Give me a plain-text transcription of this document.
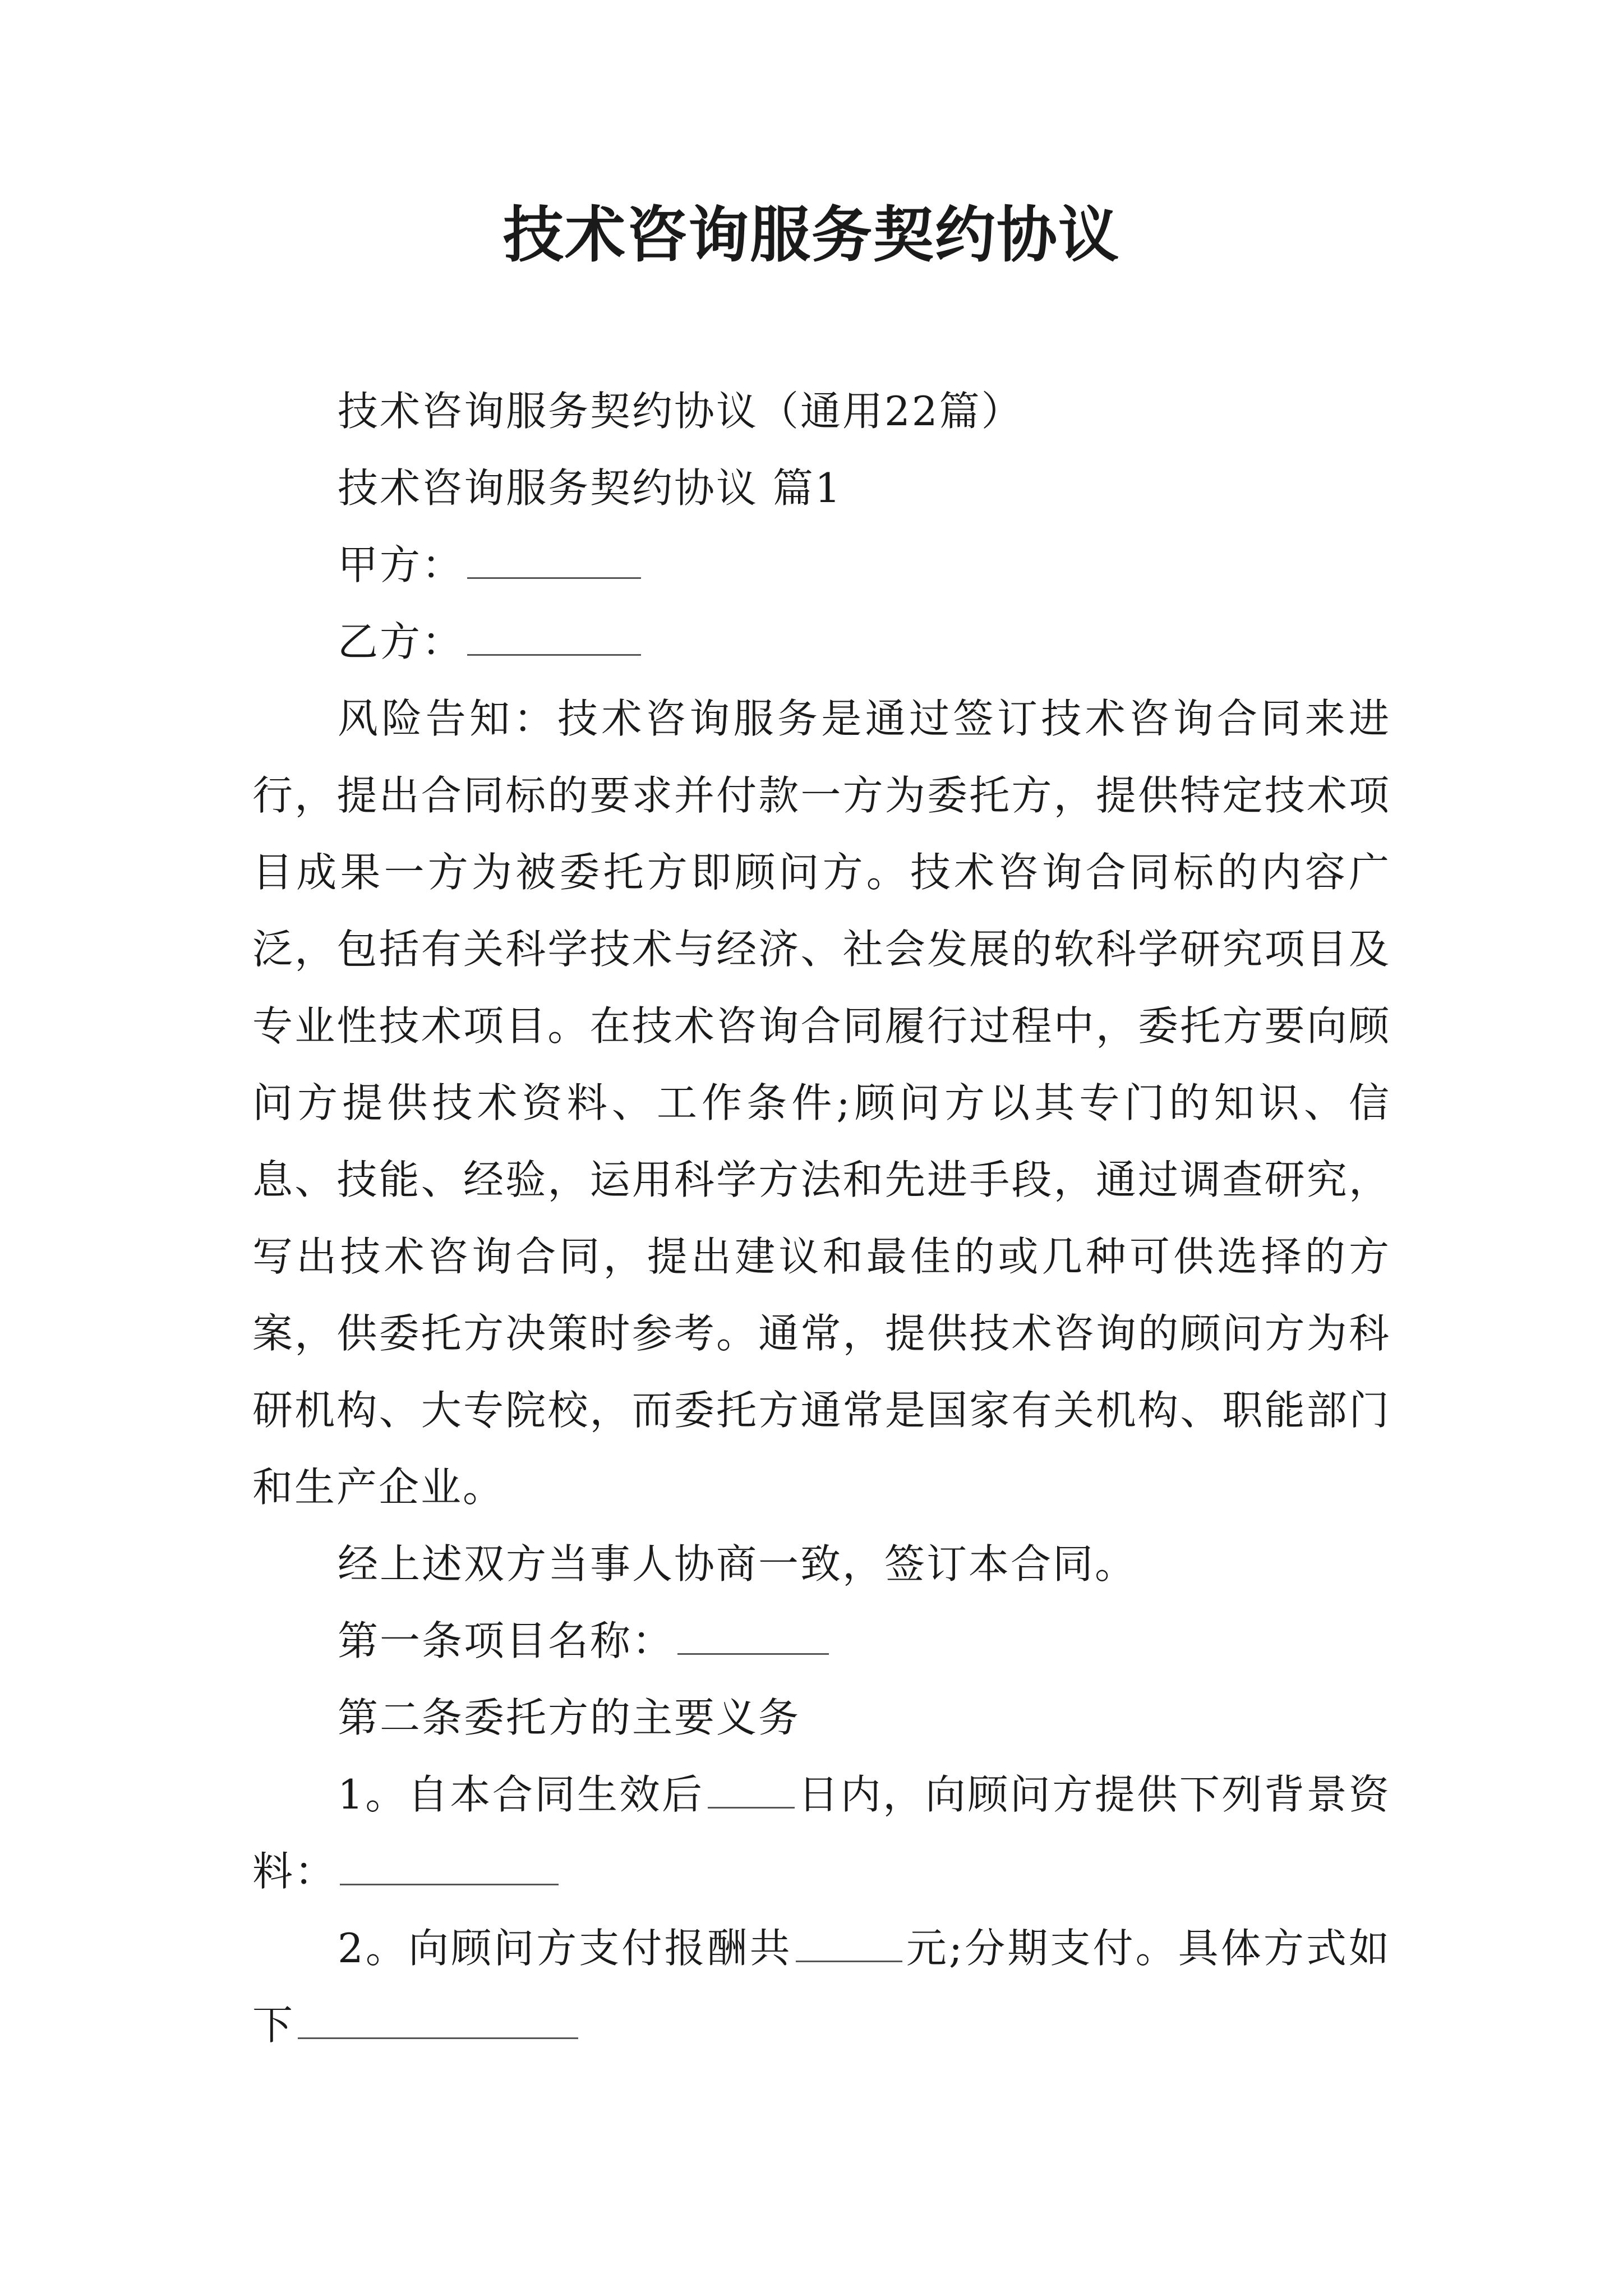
技术咨询服务契约协议

技术咨询服务契约协议（通用22篇）

技术咨询服务契约协议 篇1

甲方：

乙方：

风险告知：技术咨询服务是通过签订技术咨询合同来进行，提出合同标的要求并付款一方为委托方，提供特定技术项目成果一方为被委托方即顾问方。技术咨询合同标的内容广泛，包括有关科学技术与经济、社会发展的软科学研究项目及专业性技术项目。在技术咨询合同履行过程中，委托方要向顾问方提供技术资料、工作条件;顾问方以其专门的知识、信息、技能、经验，运用科学方法和先进手段，通过调查研究，写出技术咨询合同，提出建议和最佳的或几种可供选择的方案，供委托方决策时参考。通常，提供技术咨询的顾问方为科研机构、大专院校，而委托方通常是国家有关机构、职能部门和生产企业。

经上述双方当事人协商一致，签订本合同。

第一条项目名称：

第二条委托方的主要义务

1。自本合同生效后 日内，向顾问方提供下列背景资料：

2。向顾问方支付报酬共	元;分期支付。具体方式如下
